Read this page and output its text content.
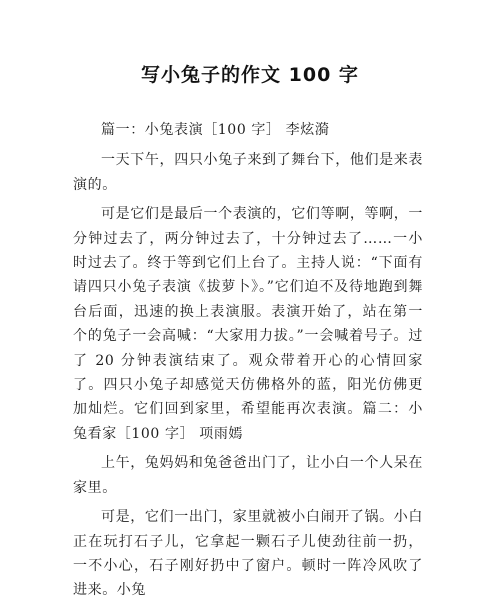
写小兔子的作文 100 字

篇一：小兔表演［100 字］ 李炫漪

一天下午，四只小兔子来到了舞台下，他们是来表演的。

可是它们是最后一个表演的，它们等啊，等啊，一分钟过去了，两分钟过去了，十分钟过去了……一小时过去了。终于等到它们上台了。主持人说：“下面有请四只小兔子表演《拔萝卜》。”它们迫不及待地跑到舞台后面，迅速的换上表演服。表演开始了，站在第一个的兔子一会高喊：“大家用力拔。”一会喊着号子。过了 20 分钟表演结束了。观众带着开心的心情回家了。四只小兔子却感觉天仿佛格外的蓝，阳光仿佛更加灿烂。它们回到家里，希望能再次表演。篇二：小兔看家［100 字］ 项雨嫣

上午，兔妈妈和兔爸爸出门了，让小白一个人呆在家里。

可是，它们一出门，家里就被小白闹开了锅。小白正在玩打石子儿，它拿起一颗石子儿使劲往前一扔，一不小心，石子刚好扔中了窗户。顿时一阵冷风吹了进来。小兔
